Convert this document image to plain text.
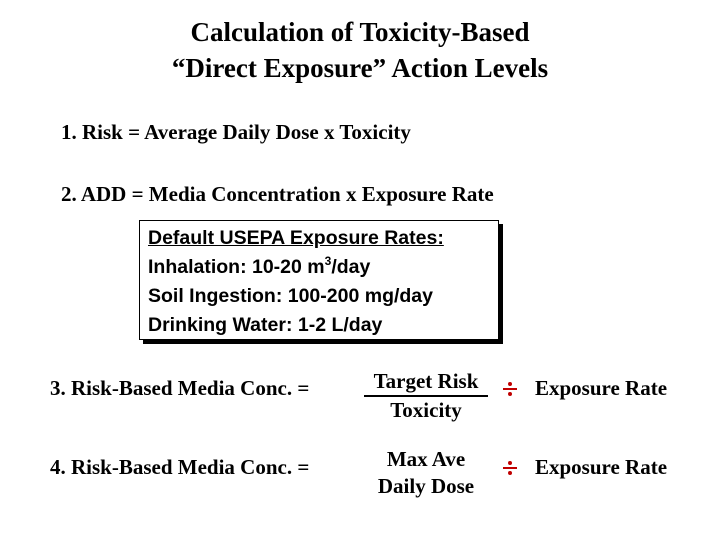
Calculation of Toxicity-Based
“Direct Exposure” Action Levels
1. Risk = Average Daily Dose x Toxicity
2. ADD = Media Concentration x Exposure Rate
Default USEPA Exposure Rates:
Inhalation: 10-20 $m^3$/day
Soil Ingestion: 100-200 mg/day
Drinking Water: 1-2 L/day
3. Risk-Based Media Conc. =	Target Risk
Toxicity
Exposure Rate
4. Risk-Based Media Conc. =	Max Ave
Daily Dose
Exposure Rate
